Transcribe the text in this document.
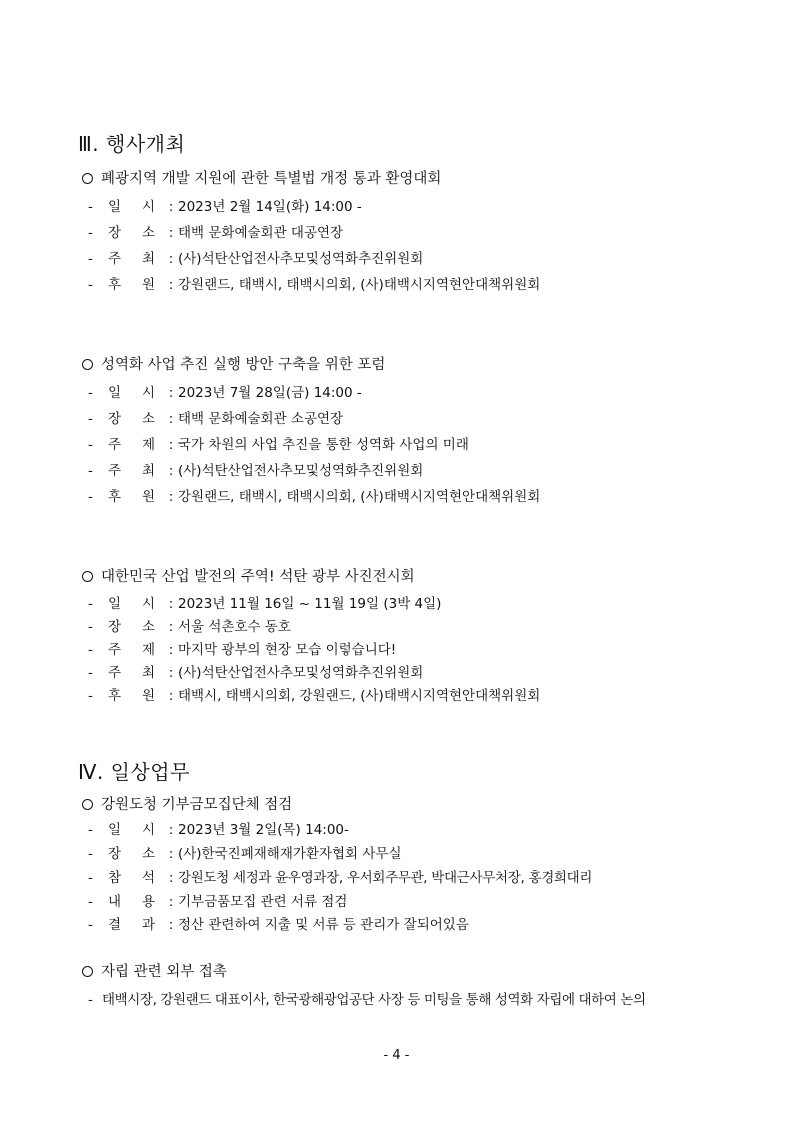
Ⅲ. 행사개최
폐광지역 개발 지원에 관한 특별법 개정 통과 환영대회
- 일 시 : 2023년 2월 14일(화) 14:00 -
- 장 소 : 태백 문화예술회관 대공연장
- 주 최 : (사)석탄산업전사추모및성역화추진위원회
- 후 원 : 강원랜드, 태백시, 태백시의회, (사)태백시지역현안대책위원회
성역화 사업 추진 실행 방안 구축을 위한 포럼
- 일 시 : 2023년 7월 28일(금) 14:00 -
- 장 소 : 태백 문화예술회관 소공연장
- 주 제 : 국가 차원의 사업 추진을 통한 성역화 사업의 미래
- 주 최 : (사)석탄산업전사추모및성역화추진위원회
- 후 원 : 강원랜드, 태백시, 태백시의회, (사)태백시지역현안대책위원회
대한민국 산업 발전의 주역! 석탄 광부 사진전시회
- 일 시 : 2023년 11월 16일 ~ 11월 19일 (3박 4일)
- 장 소 : 서울 석촌호수 동호
- 주 제 : 마지막 광부의 현장 모습 이렇습니다!
- 주 최 : (사)석탄산업전사추모및성역화추진위원회
- 후 원 : 태백시, 태백시의회, 강원랜드, (사)태백시지역현안대책위원회
Ⅳ. 일상업무
강원도청 기부금모집단체 점검
- 일 시 : 2023년 3월 2일(목) 14:00-
- 장 소 : (사)한국진폐재해재가환자협회 사무실
- 참 석 : 강원도청 세정과 윤우영과장, 우서회주무관, 박대근사무처장, 홍경희대리
- 내 용 : 기부금품모집 관련 서류 점검
- 결 과 : 정산 관련하여 지출 및 서류 등 관리가 잘되어있음
자립 관련 외부 접촉
- 태백시장, 강원랜드 대표이사, 한국광해광업공단 사장 등 미팅을 통해 성역화 자립에 대하여 논의
- 4 -
